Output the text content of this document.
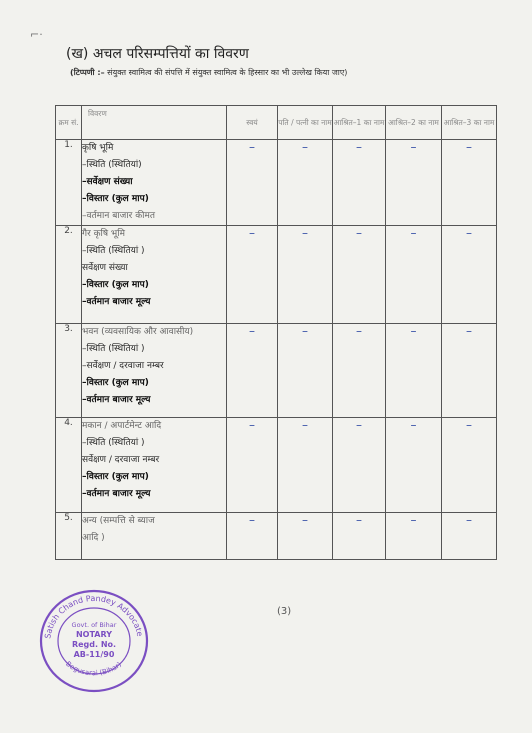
⌐·
(ख) अचल परिसम्पत्तियों का विवरण
(टिप्पणी :– संयुक्त स्वामित्व की संपत्ति में संयुक्त स्वामित्व के हिस्सार का भी उल्लेख किया जाए)
क्रम सं.	विवरण	स्वयं	पति / पत्नी का नाम	आश्रित–1 का नाम	आश्रित–2 का नाम	आश्रित–3 का नाम
1.	कृषि भूमि
–स्थिति (स्थितियां)
–सर्वेक्षण संख्या
–विस्तार (कुल माप)
–वर्तमान बाजार कीमत	–	–	–	–	–
2.	गैर कृषि भूमि
–स्थिति (स्थितियां )
सर्वेक्षण संख्या
–विस्तार (कुल माप)
–वर्तमान बाजार मूल्य	–	–	–	–	–
3.	भवन (व्यवसायिक और आवासीय)
–स्थिति (स्थितियां )
–सर्वेक्षण / दरवाजा नम्बर
–विस्तार (कुल माप)
–वर्तमान बाजार मूल्य	–	–	–	–	–
4.	मकान / अपार्टमेन्ट आदि
–स्थिति (स्थितियां )
सर्वेक्षण / दरवाजा नम्बर
–विस्तार (कुल माप)
–वर्तमान बाजार मूल्य	–	–	–	–	–
5.	अन्य (सम्पत्ति से ब्याज
आदि )	–	–	–	–	–
(3)
Satish Chand Pandey Advocate
Begusarai (Bihar)
Govt. of Bihar
NOTARY
Regd. No.
AB-11/90
